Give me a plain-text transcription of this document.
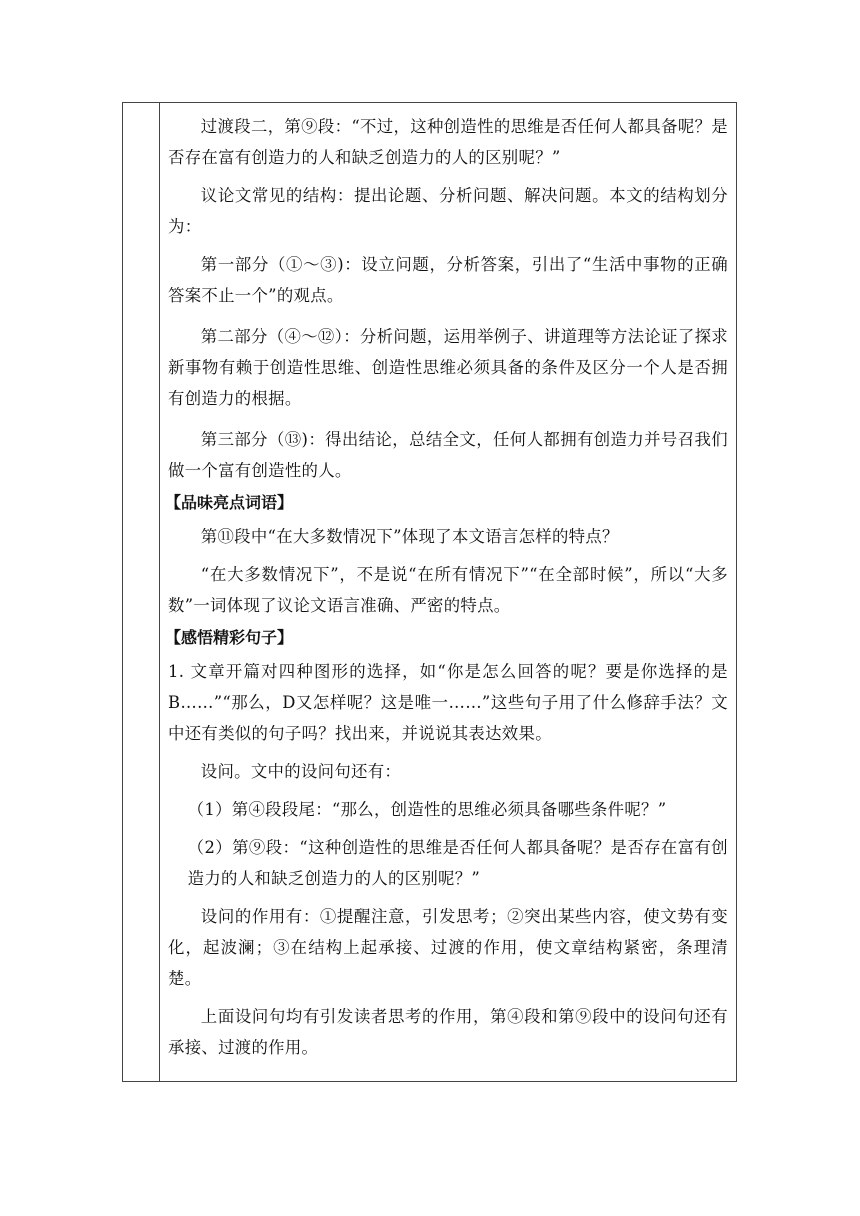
过渡段二，第⑨段：“不过，这种创造性的思维是否任何人都具备呢？是否存在富有创造力的人和缺乏创造力的人的区别呢？”

议论文常见的结构：提出论题、分析问题、解决问题。本文的结构划分为：

第一部分（①～③)：设立问题，分析答案，引出了“生活中事物的正确答案不止一个”的观点。

第二部分（④～⑫）：分析问题，运用举例子、讲道理等方法论证了探求新事物有赖于创造性思维、创造性思维必须具备的条件及区分一个人是否拥有创造力的根据。

第三部分（⑬)：得出结论，总结全文，任何人都拥有创造力并号召我们做一个富有创造性的人。

【品味亮点词语】

第⑪段中“在大多数情况下”体现了本文语言怎样的特点？

“在大多数情况下”，不是说“在所有情况下”“在全部时候”，所以“大多数”一词体现了议论文语言准确、严密的特点。

【感悟精彩句子】

1. 文章开篇对四种图形的选择，如“你是怎么回答的呢？要是你选择的是B……”“那么，D又怎样呢？这是唯一……”这些句子用了什么修辞手法？文中还有类似的句子吗？找出来，并说说其表达效果。

设问。文中的设问句还有：

（1）第④段段尾：“那么，创造性的思维必须具备哪些条件呢？”

（2）第⑨段：“这种创造性的思维是否任何人都具备呢？是否存在富有创造力的人和缺乏创造力的人的区别呢？”

设问的作用有：①提醒注意，引发思考；②突出某些内容，使文势有变化，起波澜；③在结构上起承接、过渡的作用，使文章结构紧密，条理清楚。

上面设问句均有引发读者思考的作用，第④段和第⑨段中的设问句还有承接、过渡的作用。
